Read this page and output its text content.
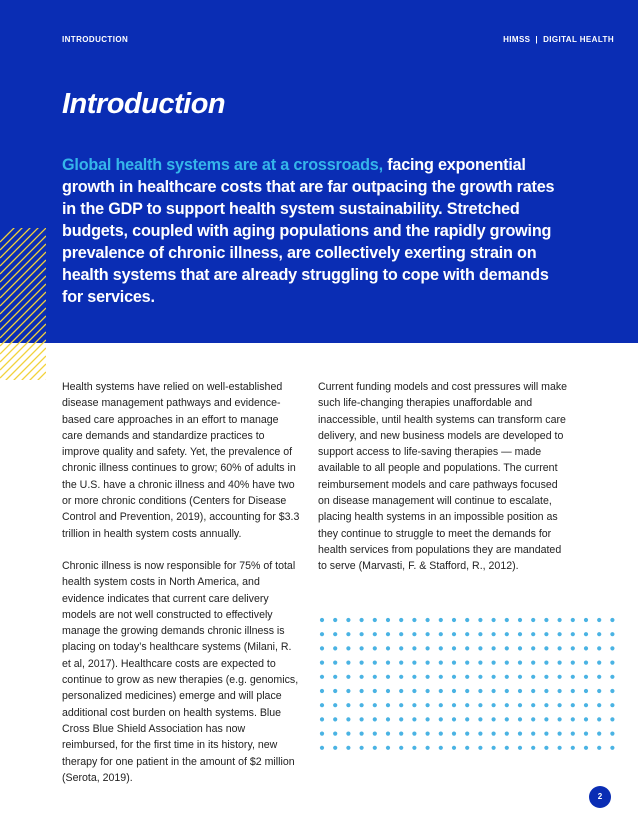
INTRODUCTION	HIMSS | DIGITAL HEALTH
Introduction

Global health systems are at a crossroads, facing exponential growth in healthcare costs that are far outpacing the growth rates in the GDP to support health system sustainability. Stretched budgets, coupled with aging populations and the rapidly growing prevalence of chronic illness, are collectively exerting strain on health systems that are already struggling to cope with demands for services.

Health systems have relied on well-established disease management pathways and evidence-based care approaches in an effort to manage care demands and standardize practices to improve quality and safety. Yet, the prevalence of chronic illness continues to grow; 60% of adults in the U.S. have a chronic illness and 40% have two or more chronic conditions (Centers for Disease Control and Prevention, 2019), accounting for $3.3 trillion in health system costs annually.

Chronic illness is now responsible for 75% of total health system costs in North America, and evidence indicates that current care delivery models are not well constructed to effectively manage the growing demands chronic illness is placing on today’s healthcare systems (Milani, R. et al, 2017). Healthcare costs are expected to continue to grow as new therapies (e.g. genomics, personalized medicines) emerge and will place additional cost burden on health systems. Blue Cross Blue Shield Association has now reimbursed, for the first time in its history, new therapy for one patient in the amount of $2 million (Serota, 2019).

Current funding models and cost pressures will make such life-changing therapies unaffordable and inaccessible, until health systems can transform care delivery, and new business models are developed to support access to life-saving therapies — made available to all people and populations. The current reimbursement models and care pathways focused on disease management will continue to escalate, placing health systems in an impossible position as they continue to struggle to meet the demands for health services from populations they are mandated to serve (Marvasti, F. & Stafford, R., 2012).

2
